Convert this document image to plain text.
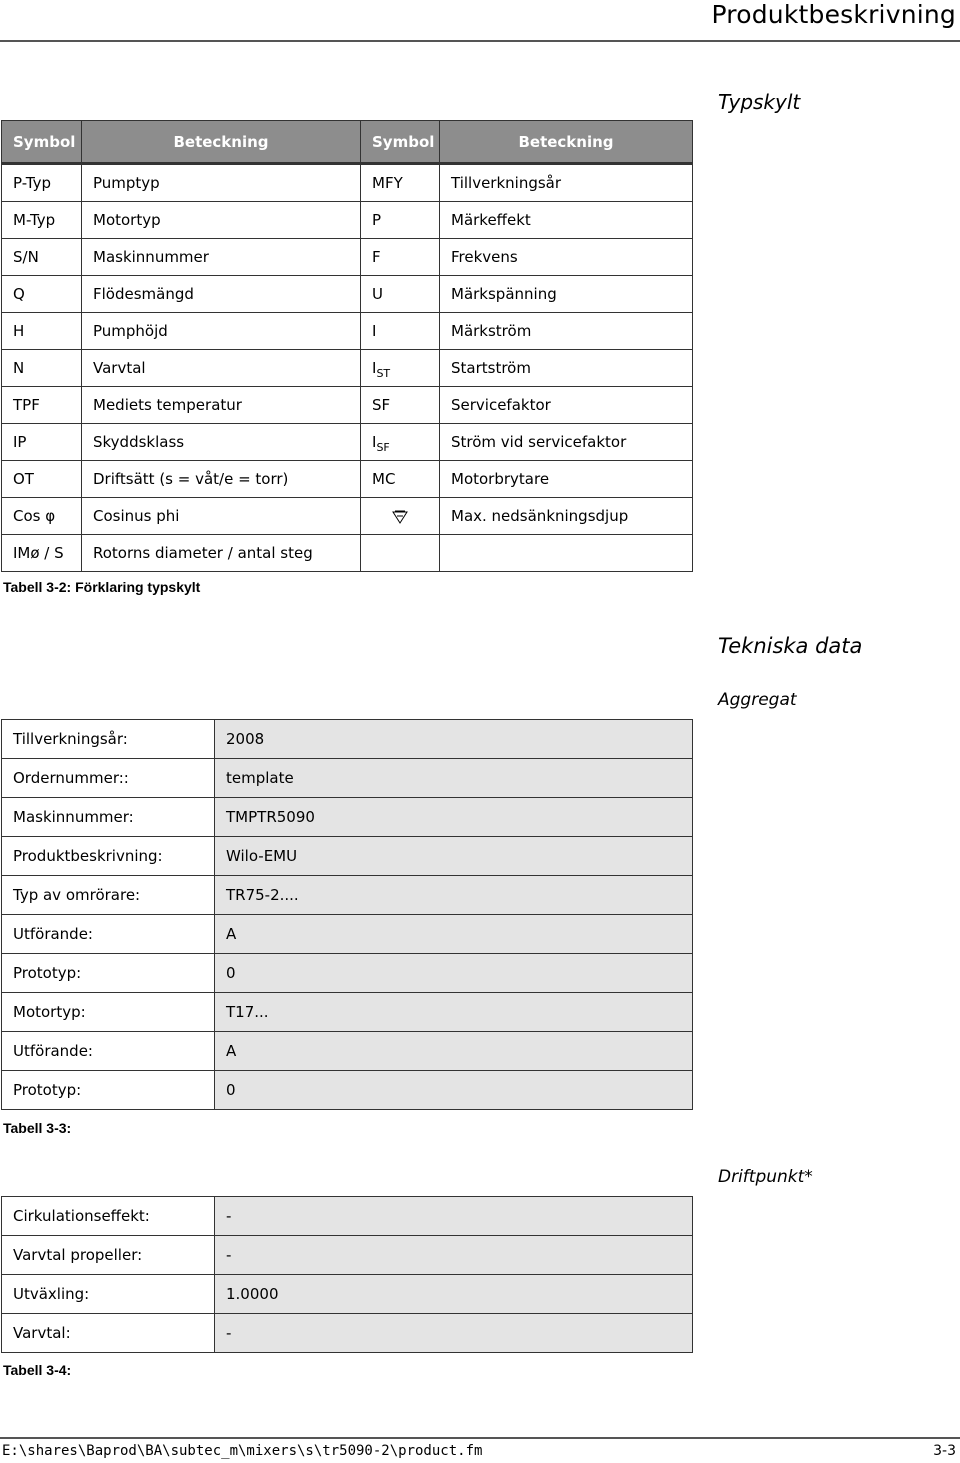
Produktbeskrivning
Typskylt
Symbol	Beteckning	Symbol	Beteckning
P-Typ	Pumptyp	MFY	Tillverkningsår
M-Typ	Motortyp	P	Märkeffekt
S/N	Maskinnummer	F	Frekvens
Q	Flödesmängd	U	Märkspänning
H	Pumphöjd	I	Märkström
N	Varvtal	$I_{ST}$	Startström
TPF	Mediets temperatur	SF	Servicefaktor
IP	Skyddsklass	$I_{SF}$	Ström vid servicefaktor
OT	Driftsätt (s = våt/e = torr)	MC	Motorbrytare
Cos φ	Cosinus phi		Max. nedsänkningsdjup
IMø / S	Rotorns diameter / antal steg		
Tabell 3-2: Förklaring typskylt
Tekniska data
Aggregat
Tillverkningsår:	2008
Ordernummer::	template
Maskinnummer:	TMPTR5090
Produktbeskrivning:	Wilo-EMU
Typ av omrörare:	TR75-2....
Utförande:	A
Prototyp:	0
Motortyp:	T17...
Utförande:	A
Prototyp:	0
Tabell 3-3:
Driftpunkt*
Cirkulationseffekt:	-
Varvtal propeller:	-
Utväxling:	1.0000
Varvtal:	-
Tabell 3-4:
E:\shares\Baprod\BA\subtec_m\mixers\s\tr5090-2\product.fm	3-3
